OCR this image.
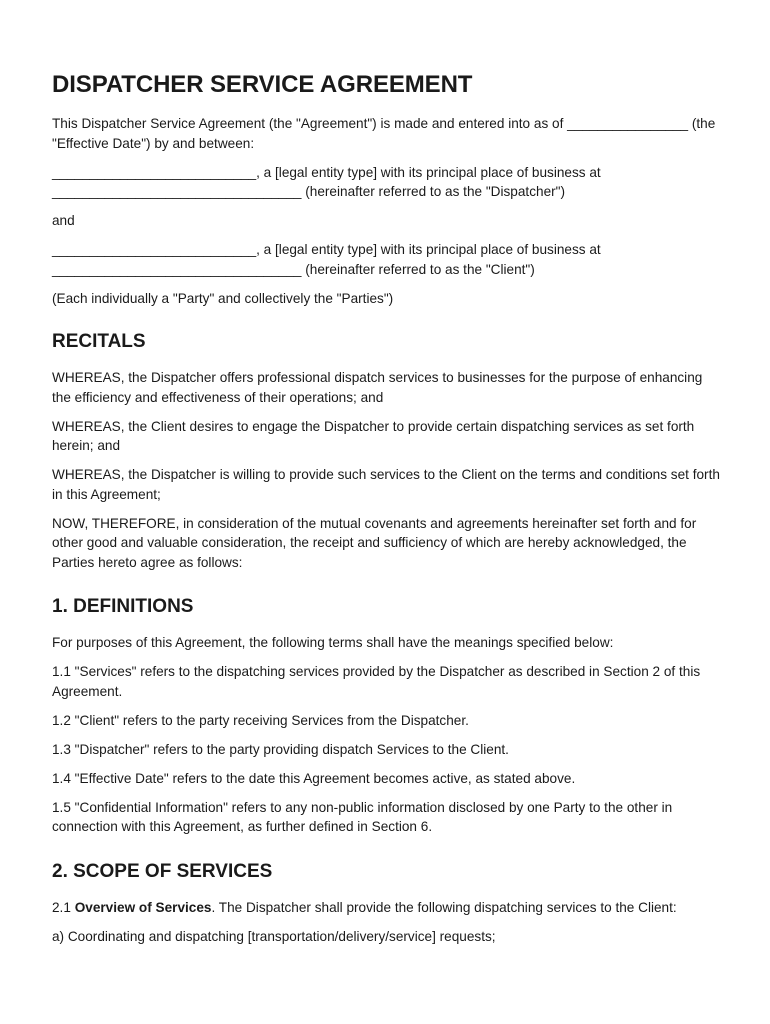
DISPATCHER SERVICE AGREEMENT

This Dispatcher Service Agreement (the "Agreement") is made and entered into as of ________________ (the "Effective Date") by and between:

___________________________, a [legal entity type] with its principal place of business at _________________________________ (hereinafter referred to as the "Dispatcher")

and

___________________________, a [legal entity type] with its principal place of business at _________________________________ (hereinafter referred to as the "Client")

(Each individually a "Party" and collectively the "Parties")

RECITALS

WHEREAS, the Dispatcher offers professional dispatch services to businesses for the purpose of enhancing the efficiency and effectiveness of their operations; and

WHEREAS, the Client desires to engage the Dispatcher to provide certain dispatching services as set forth herein; and

WHEREAS, the Dispatcher is willing to provide such services to the Client on the terms and conditions set forth in this Agreement;

NOW, THEREFORE, in consideration of the mutual covenants and agreements hereinafter set forth and for other good and valuable consideration, the receipt and sufficiency of which are hereby acknowledged, the Parties hereto agree as follows:

1. DEFINITIONS

For purposes of this Agreement, the following terms shall have the meanings specified below:

1.1 "Services" refers to the dispatching services provided by the Dispatcher as described in Section 2 of this Agreement.

1.2 "Client" refers to the party receiving Services from the Dispatcher.

1.3 "Dispatcher" refers to the party providing dispatch Services to the Client.

1.4 "Effective Date" refers to the date this Agreement becomes active, as stated above.

1.5 "Confidential Information" refers to any non-public information disclosed by one Party to the other in connection with this Agreement, as further defined in Section 6.

2. SCOPE OF SERVICES

2.1 Overview of Services. The Dispatcher shall provide the following dispatching services to the Client:

a) Coordinating and dispatching [transportation/delivery/service] requests;
